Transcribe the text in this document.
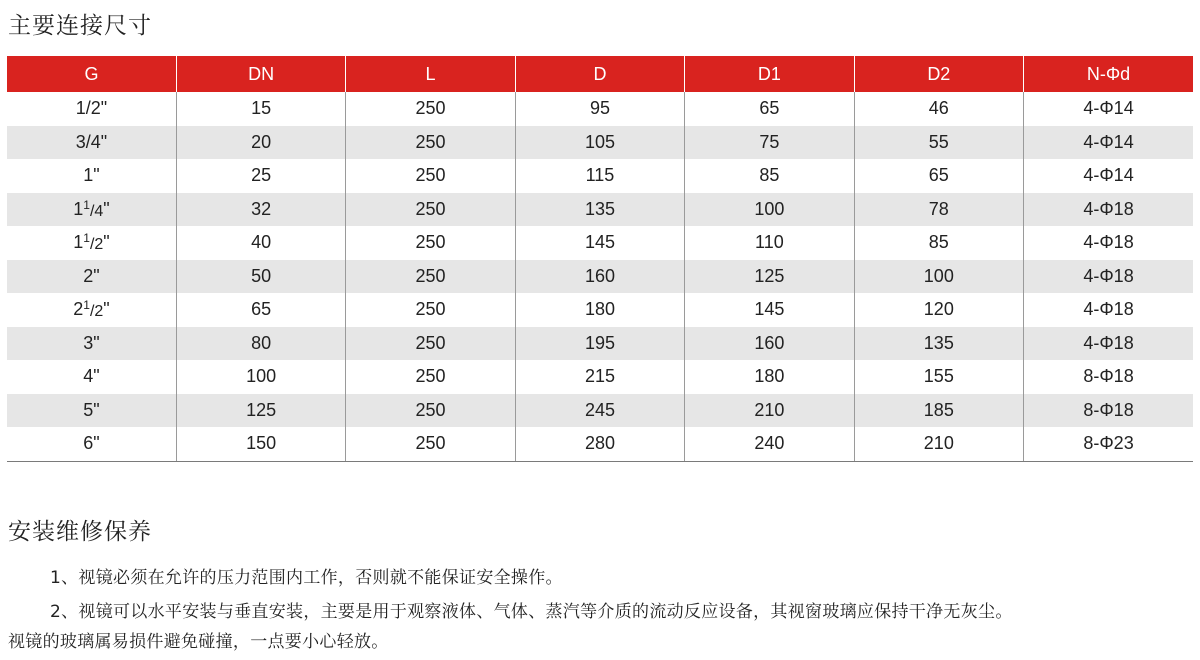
主要连接尺寸
G	DN	L	D	D1	D2	N-Φd
1/2"	15	250	95	65	46	4-Φ14
3/4"	20	250	105	75	55	4-Φ14
1"	25	250	115	85	65	4-Φ14
$1^1/4$"	32	250	135	100	78	4-Φ18
$1^1/2$"	40	250	145	110	85	4-Φ18
2"	50	250	160	125	100	4-Φ18
$2^1/2$"	65	250	180	145	120	4-Φ18
3"	80	250	195	160	135	4-Φ18
4"	100	250	215	180	155	8-Φ18
5"	125	250	245	210	185	8-Φ18
6"	150	250	280	240	210	8-Φ23
安装维修保养
1、视镜必须在允许的压力范围内工作，否则就不能保证安全操作。
2、视镜可以水平安装与垂直安装，主要是用于观察液体、气体、蒸汽等介质的流动反应设备，其视窗玻璃应保持干净无灰尘。
视镜的玻璃属易损件避免碰撞，一点要小心轻放。
